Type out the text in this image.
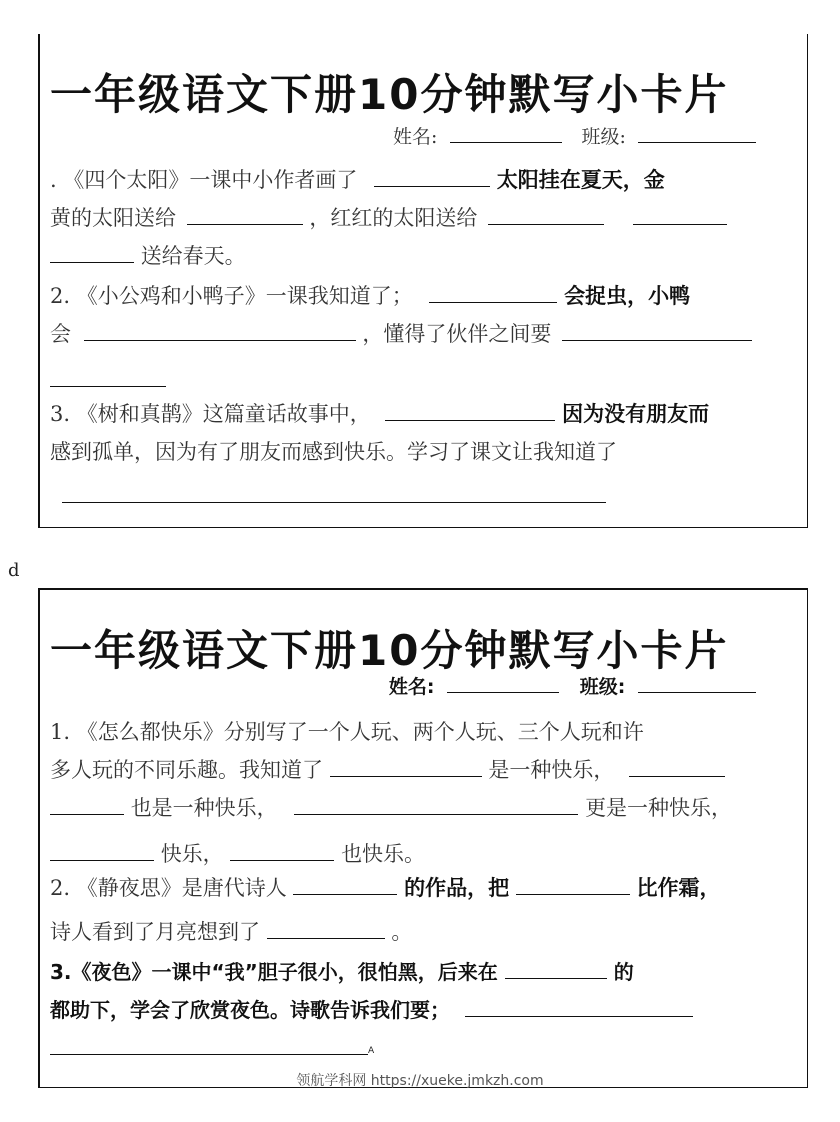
一年级语文下册10分钟默写小卡片
姓名:	班级:
. 《四个太阳》一课中小作者画了	太阳挂在夏天，金
黄的太阳送给	，红红的太阳送给
送给春天。
2. 《小公鸡和小鸭子》一课我知道了；	会捉虫，小鸭
会	，懂得了伙伴之间要
3. 《树和真鹊》这篇童话故事中，	因为没有朋友而
感到孤单，因为有了朋友而感到快乐。学习了课文让我知道了
d
一年级语文下册10分钟默写小卡片
姓名:	班级:
1. 《怎么都快乐》分别写了一个人玩、两个人玩、三个人玩和许
多人玩的不同乐趣。我知道了	是一种快乐，
也是一种快乐，	更是一种快乐，
快乐，	也快乐。
2. 《静夜思》是唐代诗人	的作品，把	比作霜，
诗人看到了月亮想到了	。
3.《夜色》一课中“我”胆子很小，很怕黑，后来在	的
都助下，学会了欣赏夜色。诗歌告诉我们要；
A
领航学科网 https://xueke.jmkzh.com
